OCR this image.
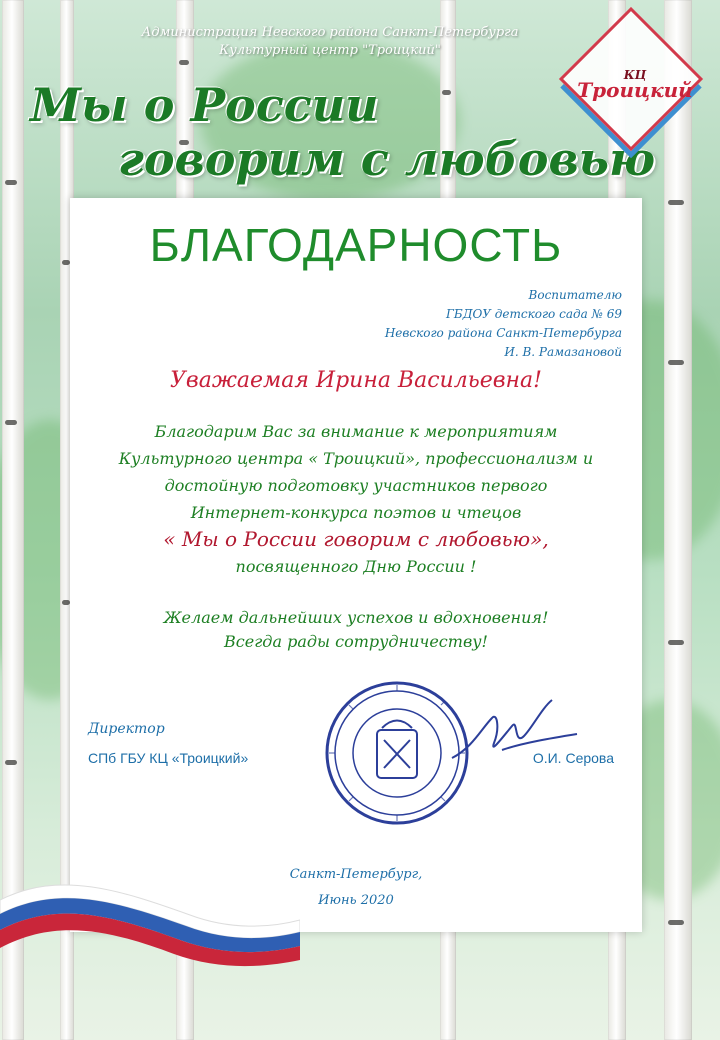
Администрация Невского района Санкт-Петербурга
Культурный центр "Троицкий"
Мы о России
говорим с любовью
КЦ
Троицкий
БЛАГОДАРНОСТЬ
Воспитателю
ГБДОУ детского сада № 69
Невского района Санкт-Петербурга
И. В. Рамазановой
Уважаемая Ирина Васильевна!
Благодарим Вас за внимание к мероприятиям
Культурного центра « Троицкий», профессионализм и
достойную подготовку участников первого
Интернет-конкурса поэтов и чтецов
« Мы о России говорим с любовью»,
посвященного Дню России !
Желаем дальнейших успехов и вдохновения!
Всегда рады сотрудничеству!
Директор
СПб ГБУ КЦ «Троицкий»	О.И. Серова
Санкт-Петербург,
Июнь 2020
